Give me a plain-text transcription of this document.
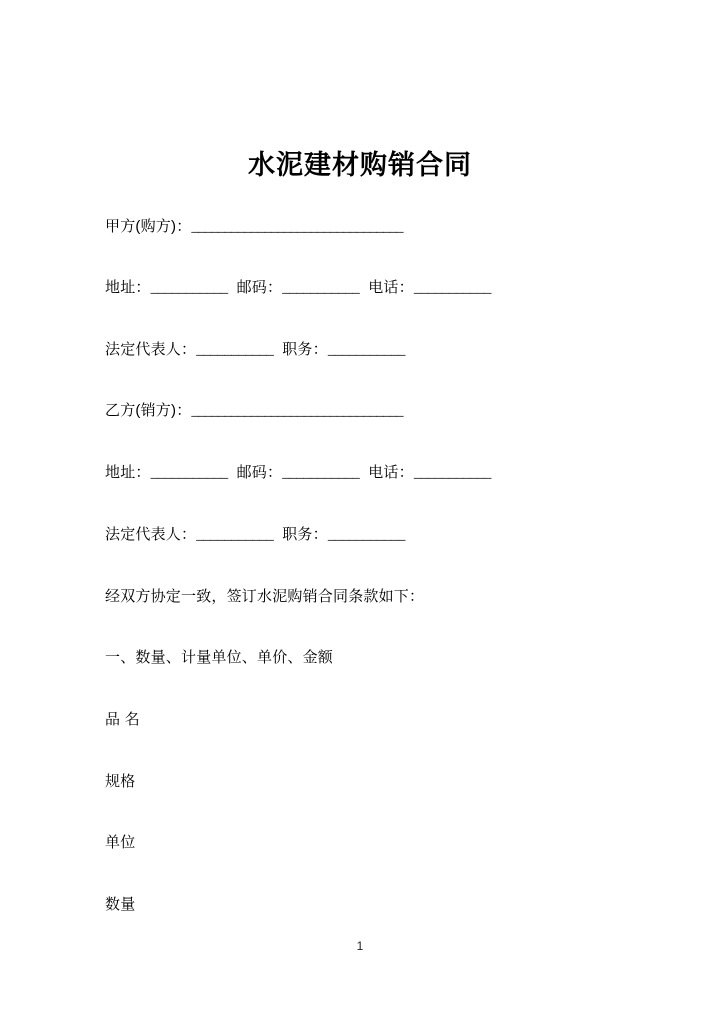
水泥建材购销合同
甲方(购方)：________________________________
地址：___________ 邮码：___________ 电话：___________
法定代表人：___________ 职务：___________
乙方(销方)：________________________________
地址：___________ 邮码：___________ 电话：___________
法定代表人：___________ 职务：___________
经双方协定一致，签订水泥购销合同条款如下：
一、数量、计量单位、单价、金额
品 名
规格
单位
数量
1
